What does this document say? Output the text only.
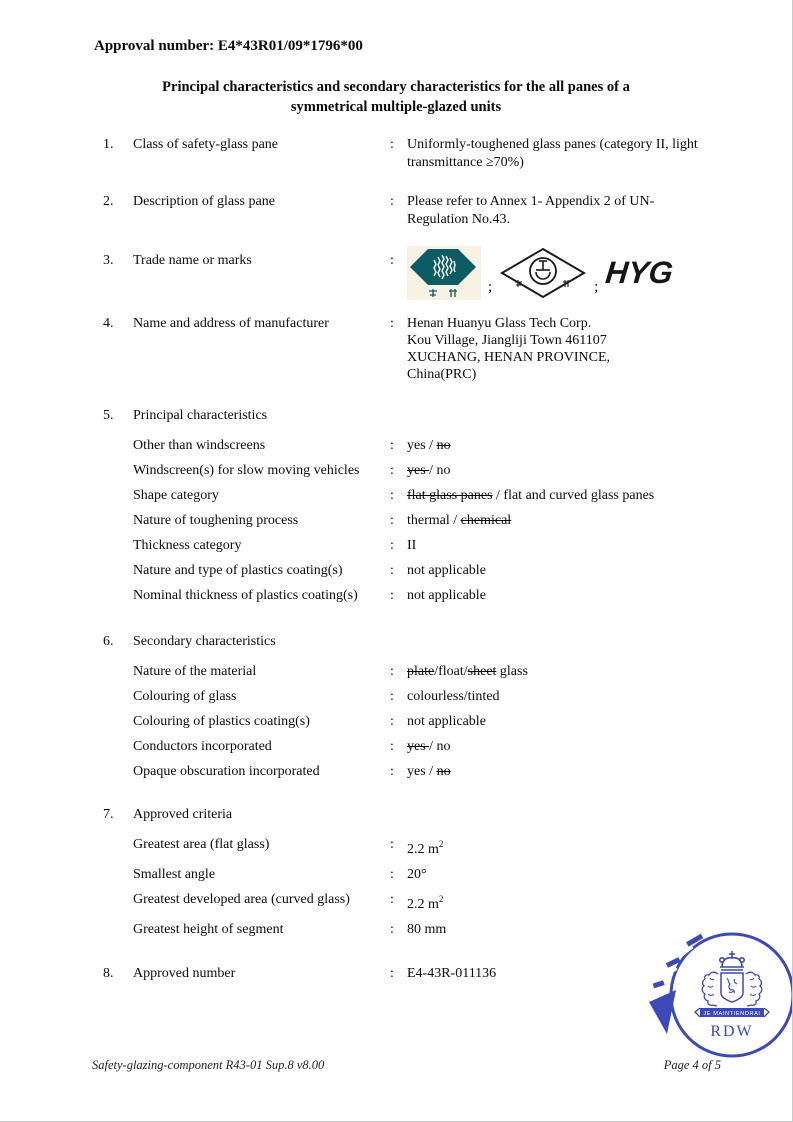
Approval number: E4*43R01/09*1796*00
Principal characteristics and secondary characteristics for the all panes of a
symmetrical multiple-glazed units
1.	Class of safety-glass pane	: Uniformly-toughened glass panes (category II, light transmittance ≥70%)
2.	Description of glass pane	: Please refer to Annex 1- Appendix 2 of UN-Regulation No.43.
3.	Trade name or marks	:
;	; HYG
4.	Name and address of manufacturer	: Henan Huanyu Glass Tech Corp.
Kou Village, Jiangliji Town 461107
XUCHANG, HENAN PROVINCE,
China(PRC)
5.	Principal characteristics
Other than windscreens	: yes / no
Windscreen(s) for slow moving vehicles	: yes / no
Shape category	: flat glass panes / flat and curved glass panes
Nature of toughening process	: thermal / chemical
Thickness category	: II
Nature and type of plastics coating(s)	: not applicable
Nominal thickness of plastics coating(s)	: not applicable
6.	Secondary characteristics
Nature of the material	: plate/float/sheet glass
Colouring of glass	: colourless/tinted
Colouring of plastics coating(s)	: not applicable
Conductors incorporated	: yes / no
Opaque obscuration incorporated	: yes / no
7.	Approved criteria
Greatest area (flat glass)	: 2.2 $m^2$
Smallest angle	: 20°
Greatest developed area (curved glass)	: 2.2 $m^2$
Greatest height of segment	: 80 mm
8.	Approved number	: E4-43R-011136
JE MAINTIENDRAI
RDW
Safety-glazing-component R43-01 Sup.8 v8.00	Page 4 of 5
